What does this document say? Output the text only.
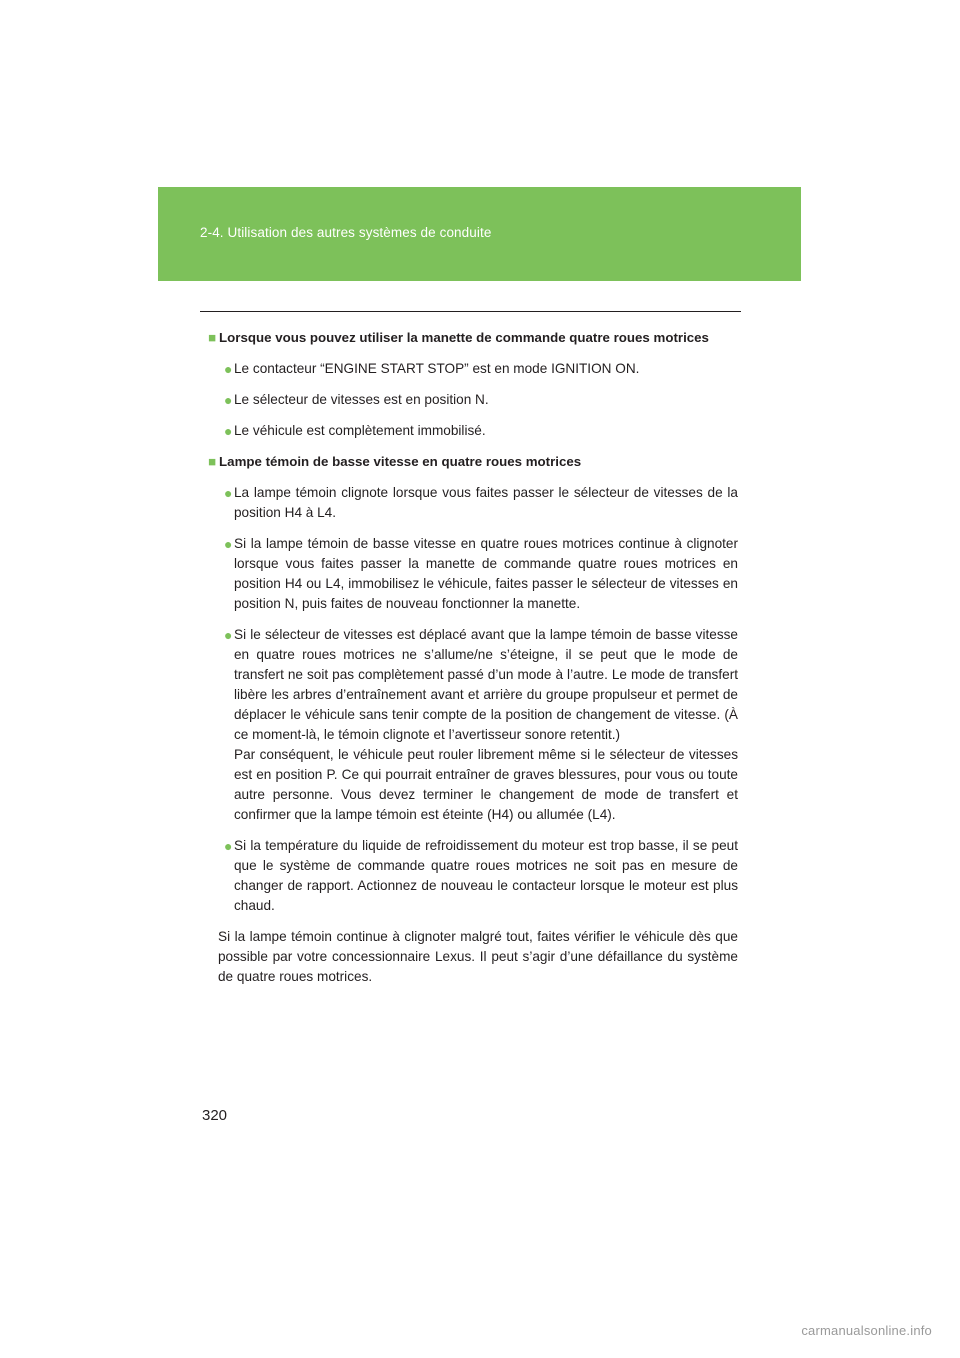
2-4. Utilisation des autres systèmes de conduite
■ Lorsque vous pouvez utiliser la manette de commande quatre roues motrices
● Le contacteur “ENGINE START STOP” est en mode IGNITION ON.
● Le sélecteur de vitesses est en position N.
● Le véhicule est complètement immobilisé.
■ Lampe témoin de basse vitesse en quatre roues motrices
● La lampe témoin clignote lorsque vous faites passer le sélecteur de vitesses de la position H4 à L4.
● Si la lampe témoin de basse vitesse en quatre roues motrices continue à clignoter lorsque vous faites passer la manette de commande quatre roues motrices en position H4 ou L4, immobilisez le véhicule, faites passer le sélecteur de vitesses en position N, puis faites de nouveau fonctionner la manette.
● Si le sélecteur de vitesses est déplacé avant que la lampe témoin de basse vitesse en quatre roues motrices ne s’allume/ne s’éteigne, il se peut que le mode de transfert ne soit pas complètement passé d’un mode à l’autre. Le mode de transfert libère les arbres d’entraînement avant et arrière du groupe propulseur et permet de déplacer le véhicule sans tenir compte de la position de changement de vitesse. (À ce moment-là, le témoin clignote et l’avertisseur sonore retentit.)
Par conséquent, le véhicule peut rouler librement même si le sélecteur de vitesses est en position P. Ce qui pourrait entraîner de graves blessures, pour vous ou toute autre personne. Vous devez terminer le changement de mode de transfert et confirmer que la lampe témoin est éteinte (H4) ou allumée (L4).
● Si la température du liquide de refroidissement du moteur est trop basse, il se peut que le système de commande quatre roues motrices ne soit pas en mesure de changer de rapport. Actionnez de nouveau le contacteur lorsque le moteur est plus chaud.

Si la lampe témoin continue à clignoter malgré tout, faites vérifier le véhicule dès que possible par votre concessionnaire Lexus. Il peut s’agir d’une défaillance du système de quatre roues motrices.

320
carmanualsonline.info
